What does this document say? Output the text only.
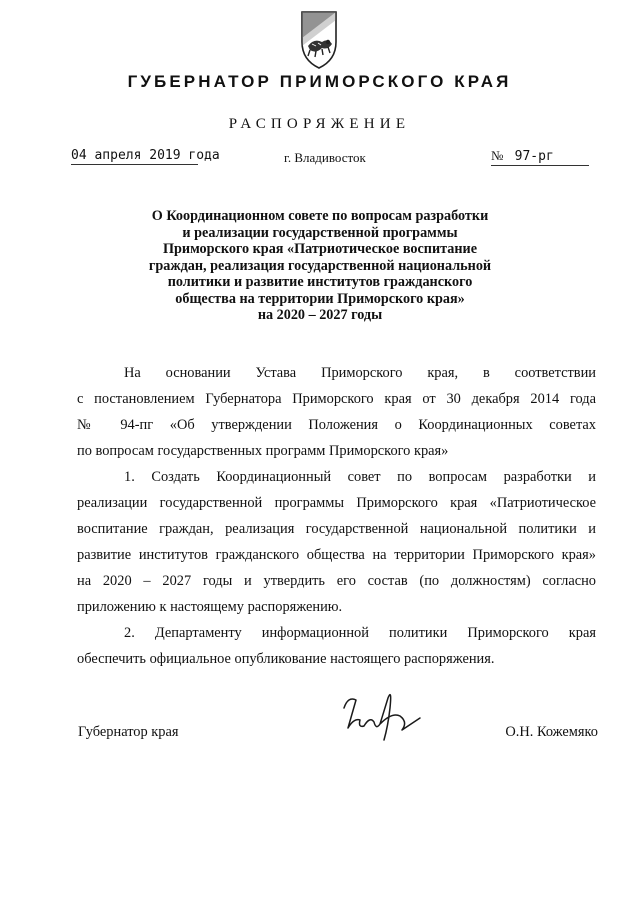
ГУБЕРНАТОР ПРИМОРСКОГО КРАЯ
РАСПОРЯЖЕНИЕ
04 апреля 2019 года	г. Владивосток	№ 97-рг
О Координационном совете по вопросам разработки
и реализации государственной программы
Приморского края «Патриотическое воспитание
граждан, реализация государственной национальной
политики и развитие институтов гражданского
общества на территории Приморского края»
на 2020 – 2027 годы
На основании Устава Приморского края, в соответствии
с постановлением Губернатора Приморского края от 30 декабря 2014 года
№ 94-пг «Об утверждении Положения о Координационных советах
по вопросам государственных программ Приморского края»
1. Создать Координационный совет по вопросам разработки и
реализации государственной программы Приморского края «Патриотическое
воспитание граждан, реализация государственной национальной политики и
развитие институтов гражданского общества на территории Приморского края»
на 2020 – 2027 годы и утвердить его состав (по должностям) согласно
приложению к настоящему распоряжению.
2. Департаменту информационной политики Приморского края
обеспечить официальное опубликование настоящего распоряжения.
Губернатор края	О.Н. Кожемяко
